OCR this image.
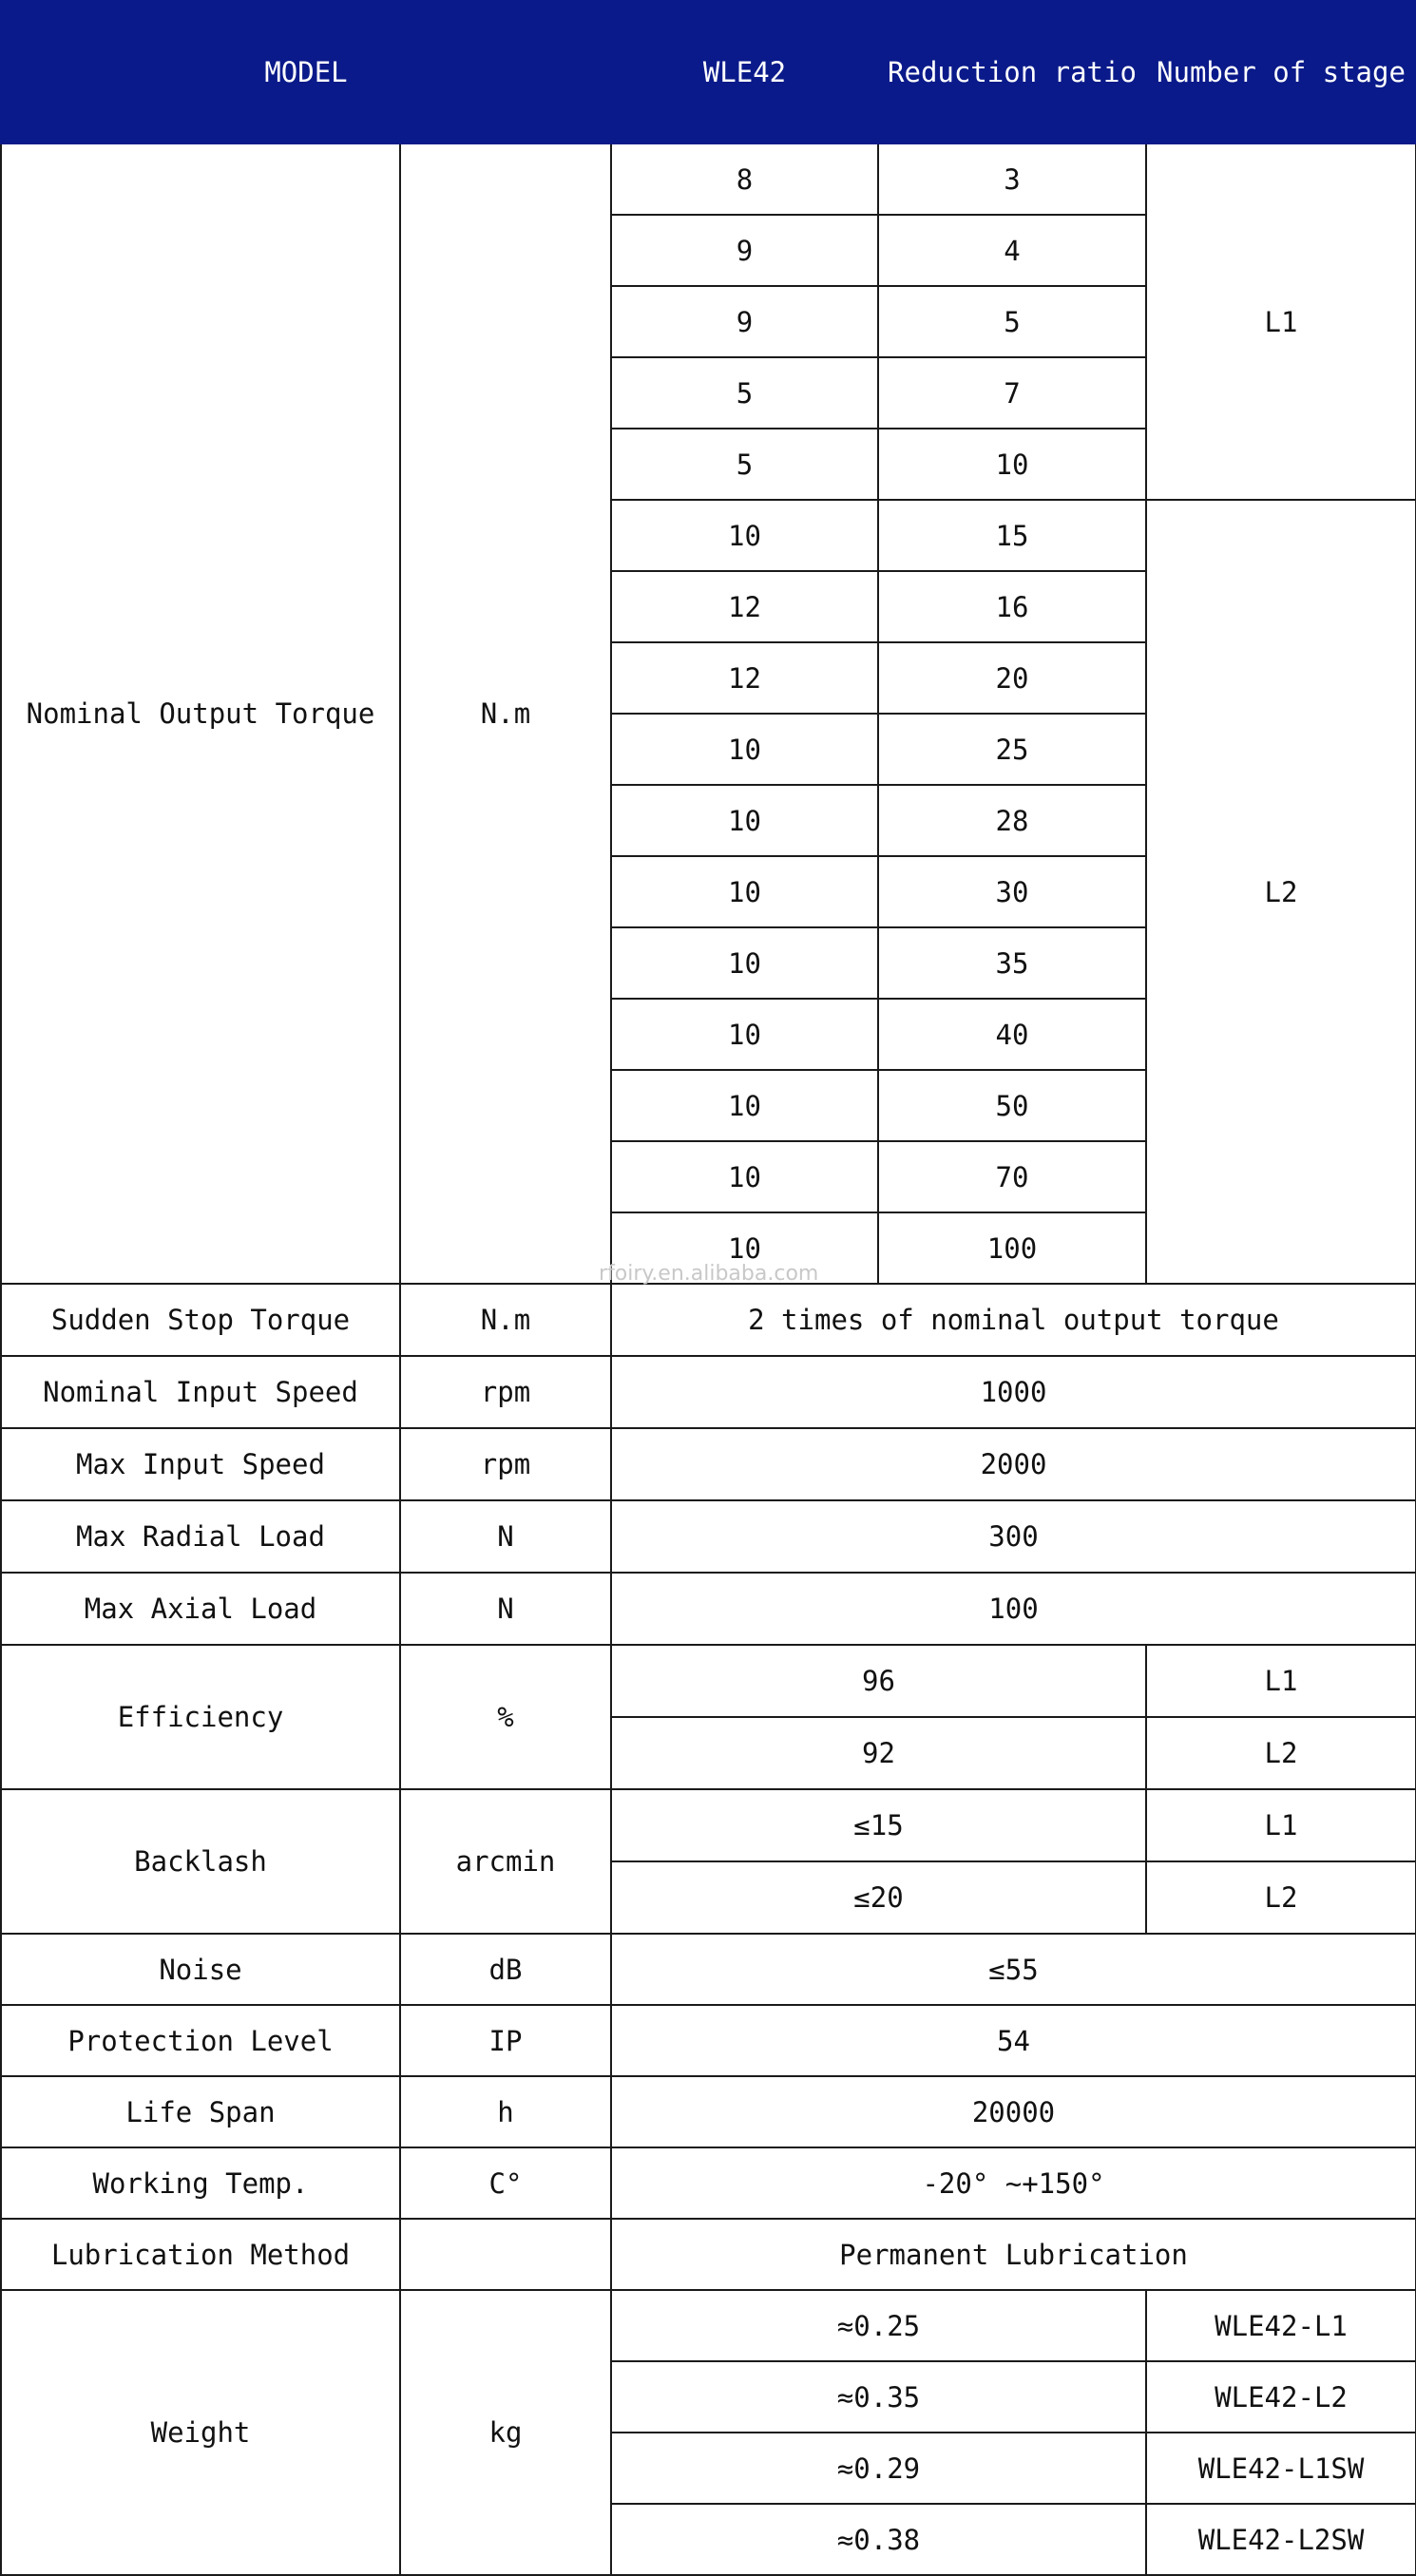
MODEL		WLE42	Reduction ratio	Number of stage
Nominal Output Torque	N.m	8	3	L1
		9	4	
		9	5	
		5	7	
		5	10	
		10	15	L2
		12	16	
		12	20	
		10	25	
		10	28	
		10	30	
		10	35	
		10	40	
		10	50	
		10	70	
		10	100	
Sudden Stop Torque	N.m	2 times of nominal output torque		
Nominal Input Speed	rpm	1000		
Max Input Speed	rpm	2000		
Max Radial Load	N	300		
Max Axial Load	N	100		
Efficiency	%	96		L1
		92		L2
Backlash	arcmin	≤15		L1
		≤20		L2
Noise	dB	≤55		
Protection Level	IP	54		
Life Span	h	20000		
Working Temp.	C°	-20° ~+150°		
Lubrication Method		Permanent Lubrication		
Weight	kg	≈0.25		WLE42-L1
		≈0.35		WLE42-L2
		≈0.29		WLE42-L1SW
		≈0.38		WLE42-L2SW
rfoiry.en.alibaba.com
